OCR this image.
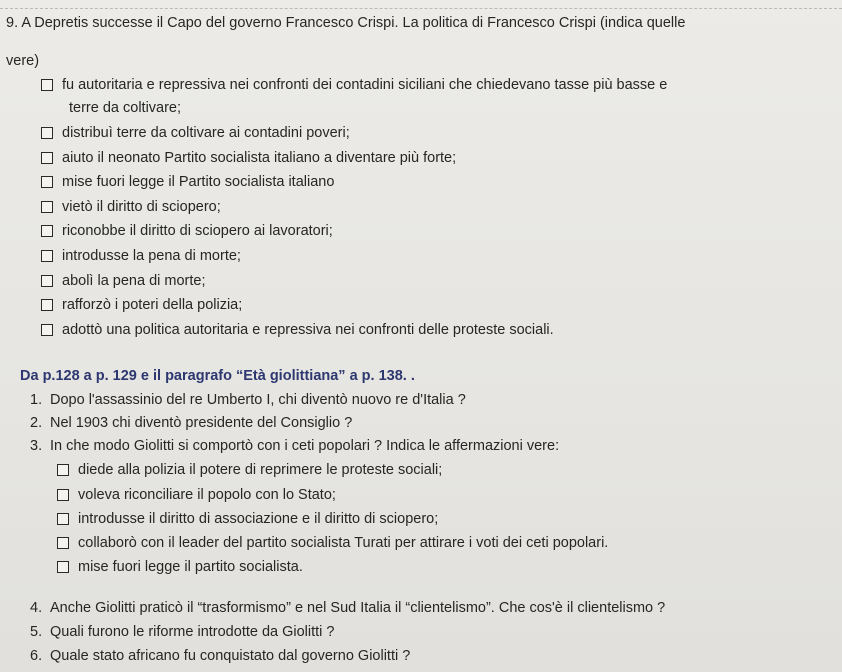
9. A Depretis successe il Capo del governo Francesco Crispi. La politica di Francesco Crispi (indica quelle
vere)
fu autoritaria e repressiva nei confronti dei contadini siciliani che chiedevano tasse più basse e
terre da coltivare;
distribuì terre da coltivare ai contadini poveri;
aiuto il neonato Partito socialista italiano a diventare più forte;
mise fuori legge il Partito socialista italiano
vietò il diritto di sciopero;
riconobbe il diritto di sciopero ai lavoratori;
introdusse la pena di morte;
abolì la pena di morte;
rafforzò i poteri della polizia;
adottò una politica autoritaria e repressiva nei confronti delle proteste sociali.
Da p.128 a p. 129 e il paragrafo “Età giolittiana” a p. 138. .
1. Dopo l'assassinio del re Umberto I, chi diventò nuovo re d'Italia ?
2. Nel 1903 chi diventò presidente del Consiglio ?
3. In che modo Giolitti si comportò con i ceti popolari ? Indica le affermazioni vere:
diede alla polizia il potere di reprimere le proteste sociali;
voleva riconciliare il popolo con lo Stato;
introdusse il diritto di associazione e il diritto di sciopero;
collaborò con il leader del partito socialista Turati per attirare i voti dei ceti popolari.
mise fuori legge il partito socialista.
4. Anche Giolitti praticò il “trasformismo” e nel Sud Italia il “clientelismo”. Che cos'è il clientelismo ?
5. Quali furono le riforme introdotte da Giolitti ?
6. Quale stato africano fu conquistato dal governo Giolitti ?
